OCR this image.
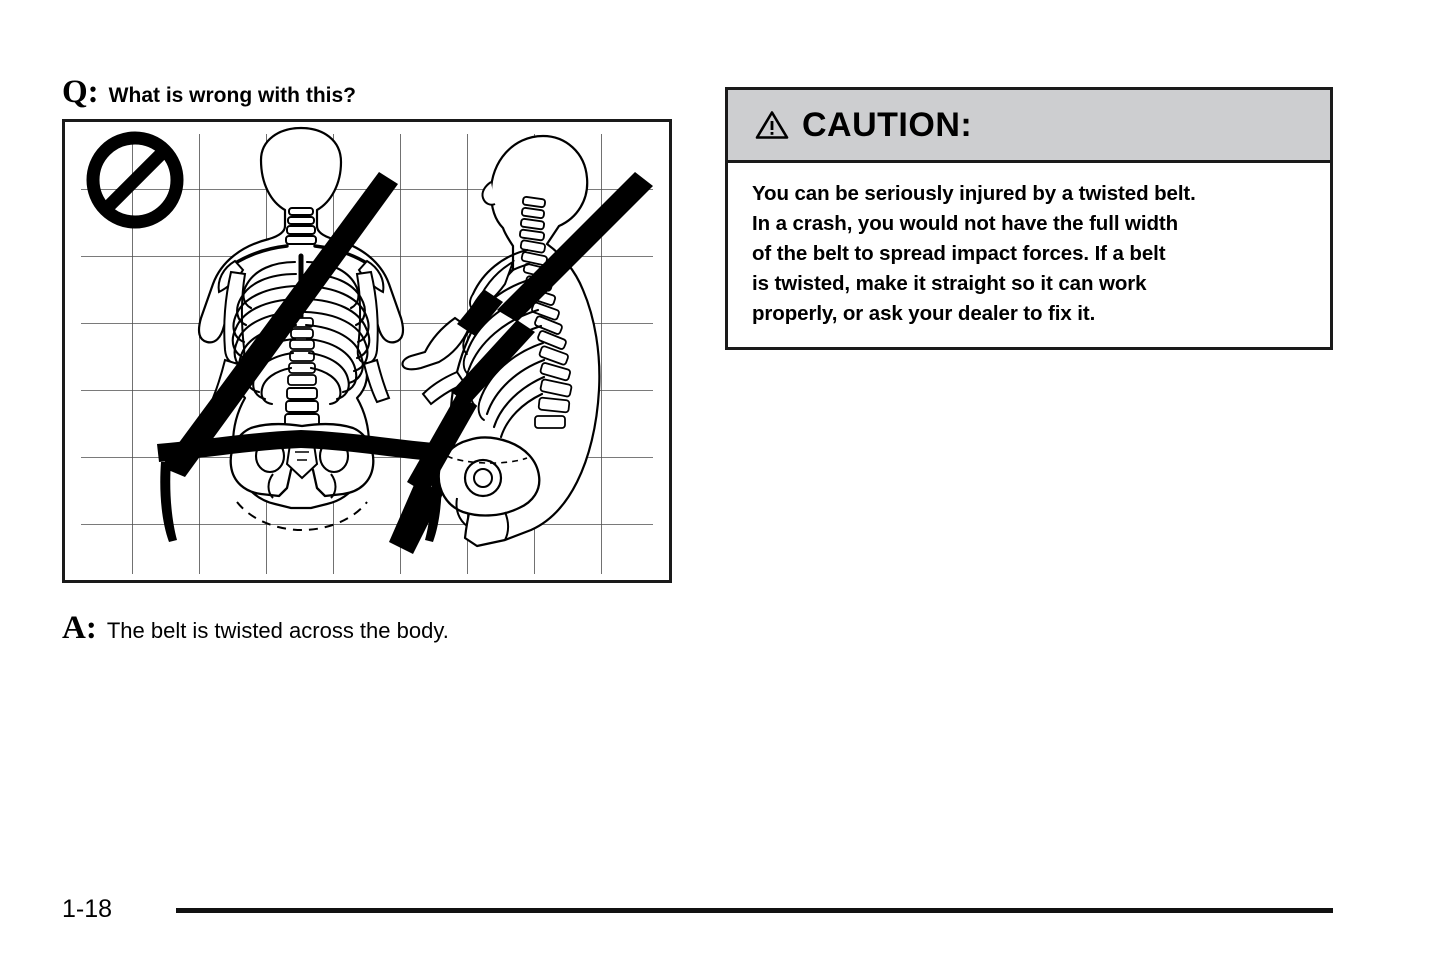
Q: What is wrong with this?
A: The belt is twisted across the body.
CAUTION:

You can be seriously injured by a twisted belt.

In a crash, you would not have the full width

of the belt to spread impact forces. If a belt

is twisted, make it straight so it can work

properly, or ask your dealer to fix it.

1-18
